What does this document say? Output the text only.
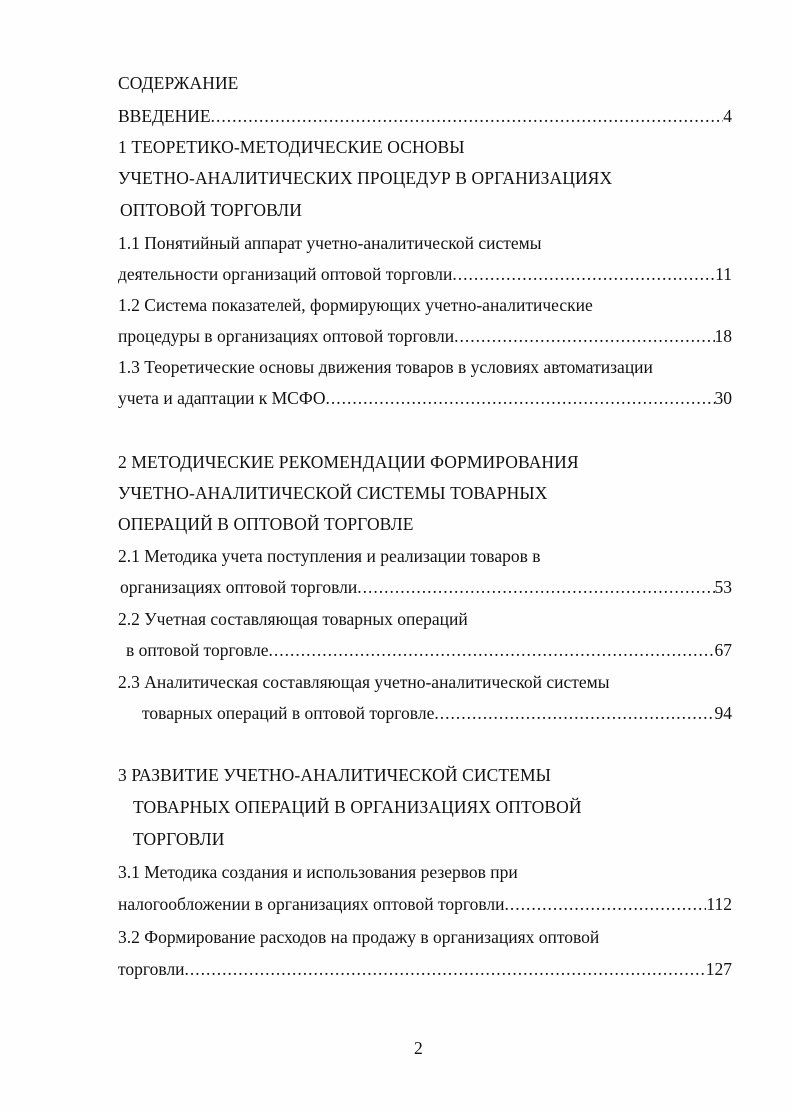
СОДЕРЖАНИЕ
ВВЕДЕНИЕ .....	4
1 ТЕОРЕТИКО-МЕТОДИЧЕСКИЕ ОСНОВЫ
УЧЕТНО-АНАЛИТИЧЕСКИХ ПРОЦЕДУР В ОРГАНИЗАЦИЯХ
ОПТОВОЙ ТОРГОВЛИ
1.1 Понятийный аппарат учетно-аналитической системы
деятельности организаций оптовой торговли .....	11
1.2 Система показателей, формирующих учетно-аналитические
процедуры в организациях оптовой торговли .....	18
1.3 Теоретические основы движения товаров в условиях автоматизации
учета и адаптации к МСФО .....	30
2 МЕТОДИЧЕСКИЕ РЕКОМЕНДАЦИИ ФОРМИРОВАНИЯ
УЧЕТНО-АНАЛИТИЧЕСКОЙ СИСТЕМЫ ТОВАРНЫХ
ОПЕРАЦИЙ В ОПТОВОЙ ТОРГОВЛЕ
2.1 Методика учета поступления и реализации товаров в
организациях оптовой торговли .....	53
2.2 Учетная составляющая товарных операций
в оптовой торговле .....	67
2.3 Аналитическая составляющая учетно-аналитической системы
товарных операций в оптовой торговле .....	94
3 РАЗВИТИЕ УЧЕТНО-АНАЛИТИЧЕСКОЙ СИСТЕМЫ
ТОВАРНЫХ ОПЕРАЦИЙ В ОРГАНИЗАЦИЯХ ОПТОВОЙ
ТОРГОВЛИ
3.1 Методика создания и использования резервов при
налогообложении в организациях оптовой торговли .....	112
3.2 Формирование расходов на продажу в организациях оптовой
торговли .....	127
2
